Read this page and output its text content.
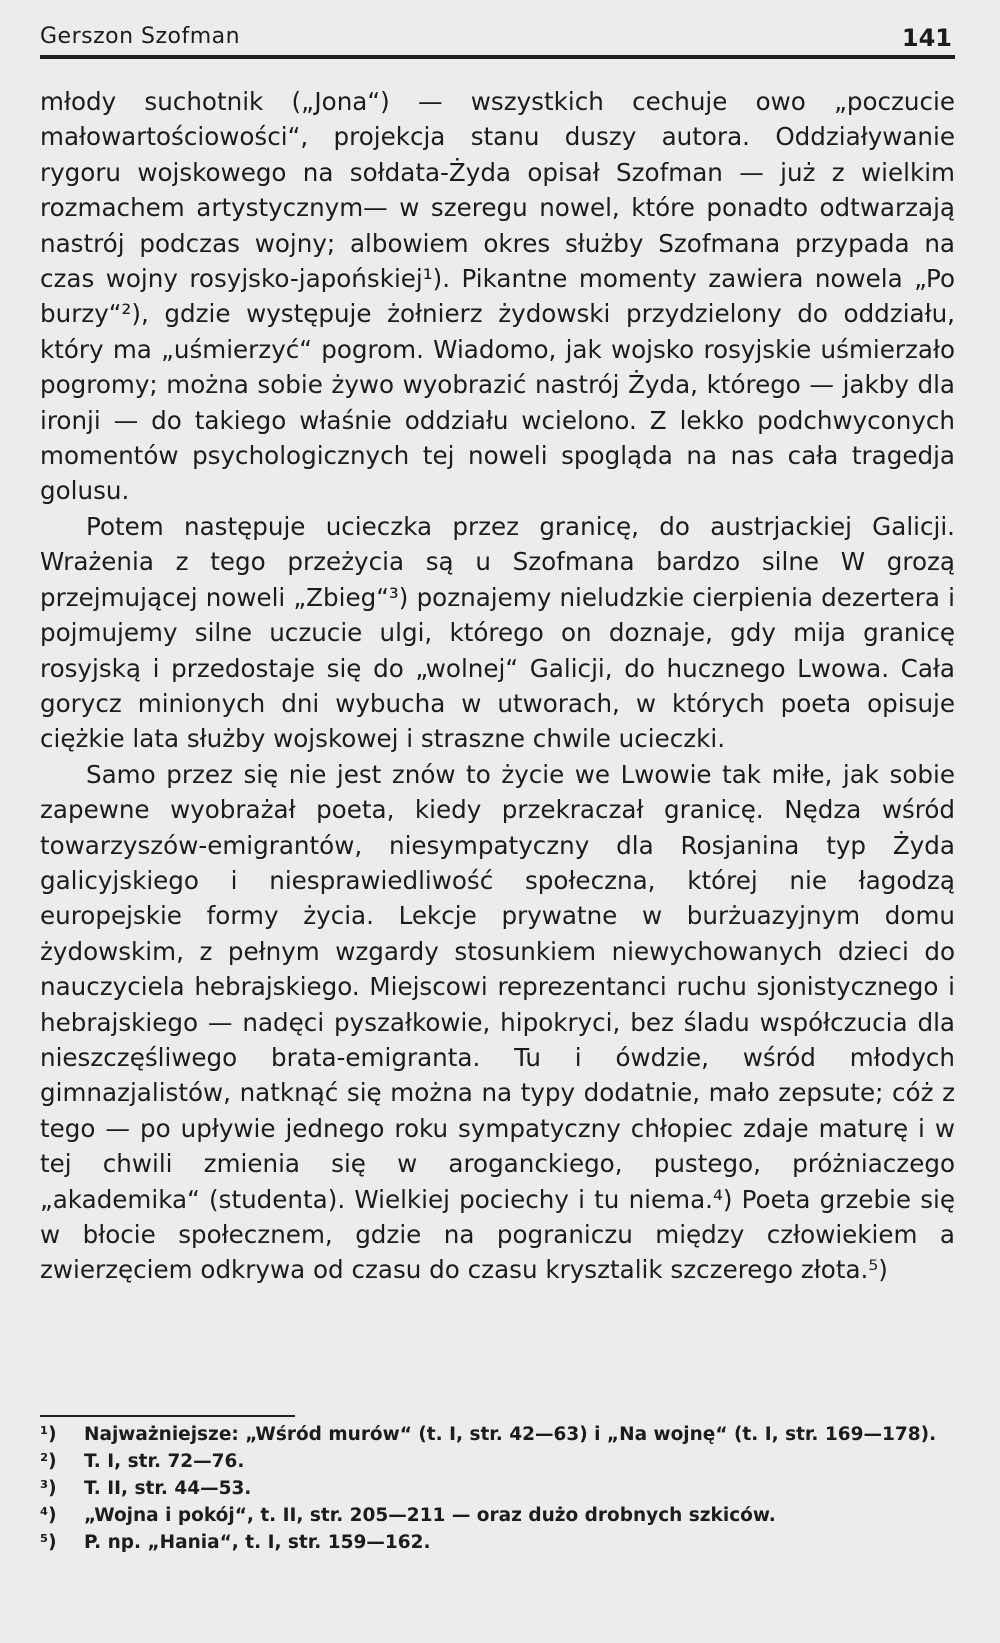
Gerszon Szofman	141

młody suchotnik („Jona“) — wszystkich cechuje owo „poczucie małowartościowości“, projekcja stanu duszy autora. Oddziaływanie rygoru wojskowego na sołdata-Żyda opisał Szofman — już z wielkim rozmachem artystycznym— w szeregu nowel, które ponadto odtwarzają nastrój podczas wojny; albowiem okres służby Szofmana przypada na czas wojny rosyjsko-japońskiej¹). Pikantne momenty zawiera nowela „Po burzy“²), gdzie występuje żołnierz żydowski przydzielony do oddziału, który ma „uśmierzyć“ pogrom. Wiadomo, jak wojsko rosyjskie uśmierzało pogromy; można sobie żywo wyobrazić nastrój Żyda, którego — jakby dla ironji — do takiego właśnie oddziału wcielono. Z lekko podchwyconych momentów psychologicznych tej noweli spogląda na nas cała tragedja golusu.

Potem następuje ucieczka przez granicę, do austrjackiej Galicji. Wrażenia z tego przeżycia są u Szofmana bardzo silne W grozą przejmującej noweli „Zbieg“³) poznajemy nieludzkie cierpienia dezertera i pojmujemy silne uczucie ulgi, którego on doznaje, gdy mija granicę rosyjską i przedostaje się do „wolnej“ Galicji, do hucznego Lwowa. Cała gorycz minionych dni wybucha w utworach, w których poeta opisuje ciężkie lata służby wojskowej i straszne chwile ucieczki.

Samo przez się nie jest znów to życie we Lwowie tak miłe, jak sobie zapewne wyobrażał poeta, kiedy przekraczał granicę. Nędza wśród towarzyszów-emigrantów, niesympatyczny dla Rosjanina typ Żyda galicyjskiego i niesprawiedliwość społeczna, której nie łagodzą europejskie formy życia. Lekcje prywatne w burżuazyjnym domu żydowskim, z pełnym wzgardy stosunkiem niewychowanych dzieci do nauczyciela hebrajskiego. Miejscowi reprezentanci ruchu sjonistycznego i hebrajskiego — nadęci pyszałkowie, hipokryci, bez śladu współczucia dla nieszczęśliwego brata-emigranta. Tu i ówdzie, wśród młodych gimnazjalistów, natknąć się można na typy dodatnie, mało zepsute; cóż z tego — po upływie jednego roku sympatyczny chłopiec zdaje maturę i w tej chwili zmienia się w aroganckiego, pustego, próżniaczego „akademika“ (studenta). Wielkiej pociechy i tu niema.⁴) Poeta grzebie się w błocie społecznem, gdzie na pograniczu między człowiekiem a zwierzęciem odkrywa od czasu do czasu krysztalik szczerego złota.⁵)

¹)	Najważniejsze: „Wśród murów“ (t. I, str. 42—63) i „Na wojnę“ (t. I, str. 169—178).
²)	T. I, str. 72—76.
³)	T. II, str. 44—53.
⁴)	„Wojna i pokój“, t. II, str. 205—211 — oraz dużo drobnych szkiców.
⁵)	P. np. „Hania“, t. I, str. 159—162.
